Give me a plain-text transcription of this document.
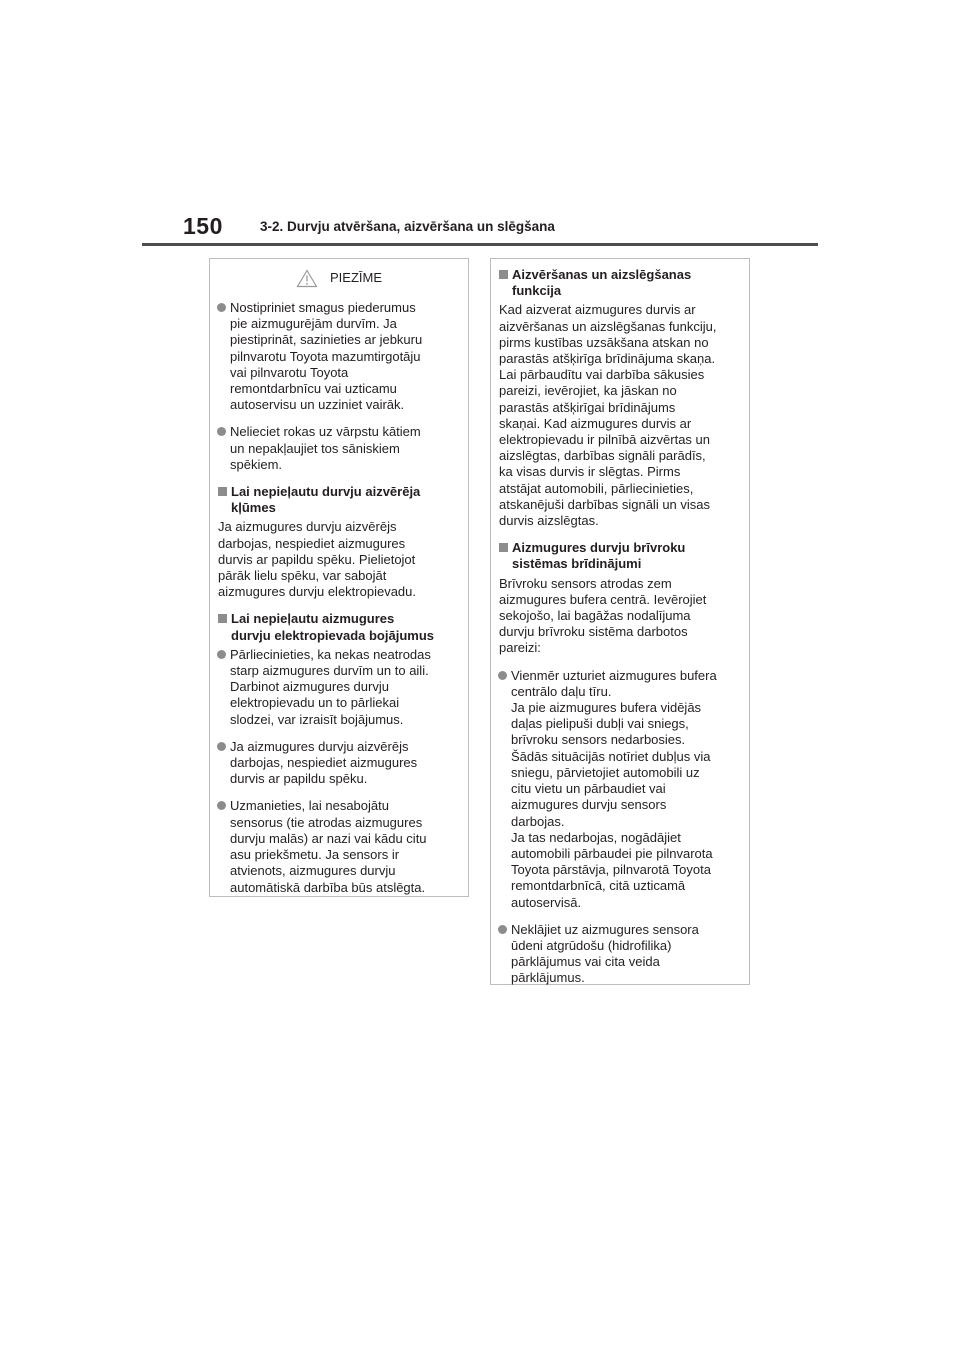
150	3-2. Durvju atvēršana, aizvēršana un slēgšana
PIEZĪME
Nostipriniet smagus piederumus
pie aizmugurējām durvīm. Ja
piestiprināt, sazinieties ar jebkuru
pilnvarotu Toyota mazumtirgotāju
vai pilnvarotu Toyota
remontdarbnīcu vai uzticamu
autoservisu un uzziniet vairāk.
Nelieciet rokas uz vārpstu kātiem
un nepakļaujiet tos sāniskiem
spēkiem.
Lai nepieļautu durvju aizvērēja
kļūmes
Ja aizmugures durvju aizvērējs
darbojas, nespiediet aizmugures
durvis ar papildu spēku. Pielietojot
pārāk lielu spēku, var sabojāt
aizmugures durvju elektropievadu.
Lai nepieļautu aizmugures
durvju elektropievada bojājumus
Pārliecinieties, ka nekas neatrodas
starp aizmugures durvīm un to aili.
Darbinot aizmugures durvju
elektropievadu un to pārliekai
slodzei, var izraisīt bojājumus.
Ja aizmugures durvju aizvērējs
darbojas, nespiediet aizmugures
durvis ar papildu spēku.
Uzmanieties, lai nesabojātu
sensorus (tie atrodas aizmugures
durvju malās) ar nazi vai kādu citu
asu priekšmetu. Ja sensors ir
atvienots, aizmugures durvju
automātiskā darbība būs atslēgta.
Aizvēršanas un aizslēgšanas
funkcija
Kad aizverat aizmugures durvis ar
aizvēršanas un aizslēgšanas funkciju,
pirms kustības uzsākšana atskan no
parastās atšķirīga brīdinājuma skaņa.
Lai pārbaudītu vai darbība sākusies
pareizi, ievērojiet, ka jāskan no
parastās atšķirīgai brīdinājums
skaņai. Kad aizmugures durvis ar
elektropievadu ir pilnībā aizvērtas un
aizslēgtas, darbības signāli parādīs,
ka visas durvis ir slēgtas. Pirms
atstājat automobili, pārliecinieties,
atskanējuši darbības signāli un visas
durvis aizslēgtas.
Aizmugures durvju brīvroku
sistēmas brīdinājumi
Brīvroku sensors atrodas zem
aizmugures bufera centrā. Ievērojiet
sekojošo, lai bagāžas nodalījuma
durvju brīvroku sistēma darbotos
pareizi:
Vienmēr uzturiet aizmugures bufera
centrālo daļu tīru.
Ja pie aizmugures bufera vidējās
daļas pielipuši dubļi vai sniegs,
brīvroku sensors nedarbosies.
Šādās situācijās notīriet dubļus via
sniegu, pārvietojiet automobili uz
citu vietu un pārbaudiet vai
aizmugures durvju sensors
darbojas.
Ja tas nedarbojas, nogādājiet
automobili pārbaudei pie pilnvarota
Toyota pārstāvja, pilnvarotā Toyota
remontdarbnīcā, citā uzticamā
autoservisā.
Neklājiet uz aizmugures sensora
ūdeni atgrūdošu (hidrofilika)
pārklājumus vai cita veida
pārklājumus.
